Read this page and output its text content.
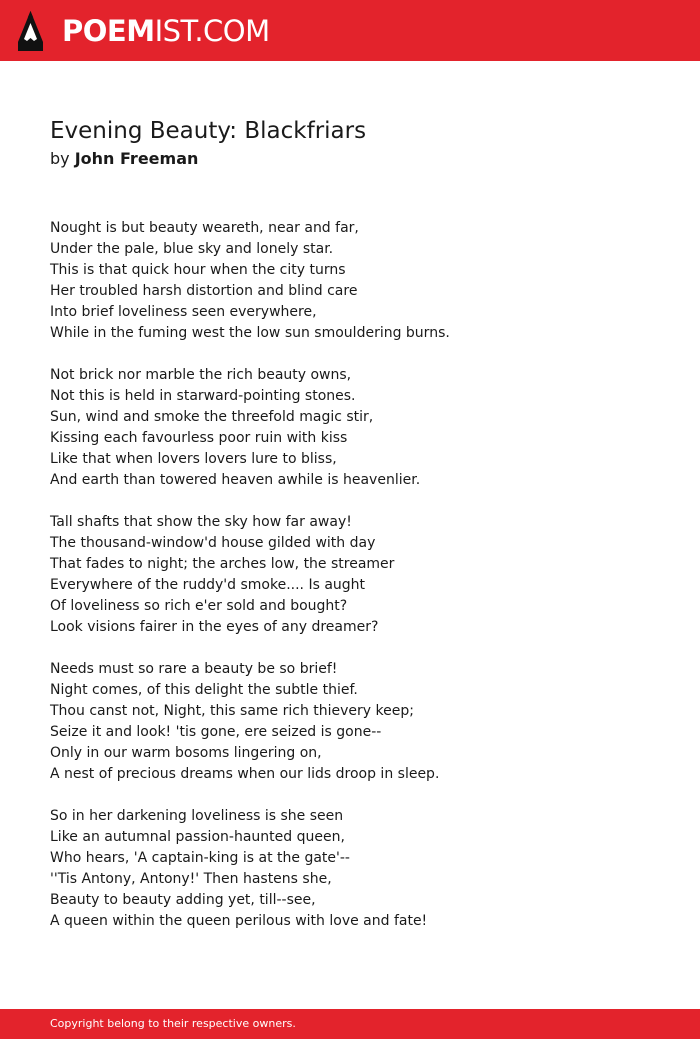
POEMIST.COM
Evening Beauty: Blackfriars
by John Freeman
Nought is but beauty weareth, near and far,
Under the pale, blue sky and lonely star.
This is that quick hour when the city turns
Her troubled harsh distortion and blind care
Into brief loveliness seen everywhere,
While in the fuming west the low sun smouldering burns.
Not brick nor marble the rich beauty owns,
Not this is held in starward-pointing stones.
Sun, wind and smoke the threefold magic stir,
Kissing each favourless poor ruin with kiss
Like that when lovers lovers lure to bliss,
And earth than towered heaven awhile is heavenlier.
Tall shafts that show the sky how far away!
The thousand-window'd house gilded with day
That fades to night; the arches low, the streamer
Everywhere of the ruddy'd smoke.... Is aught
Of loveliness so rich e'er sold and bought?
Look visions fairer in the eyes of any dreamer?
Needs must so rare a beauty be so brief!
Night comes, of this delight the subtle thief.
Thou canst not, Night, this same rich thievery keep;
Seize it and look! 'tis gone, ere seized is gone--
Only in our warm bosoms lingering on,
A nest of precious dreams when our lids droop in sleep.
So in her darkening loveliness is she seen
Like an autumnal passion-haunted queen,
Who hears, 'A captain-king is at the gate'--
''Tis Antony, Antony!' Then hastens she,
Beauty to beauty adding yet, till--see,
A queen within the queen perilous with love and fate!
Copyright belong to their respective owners.
